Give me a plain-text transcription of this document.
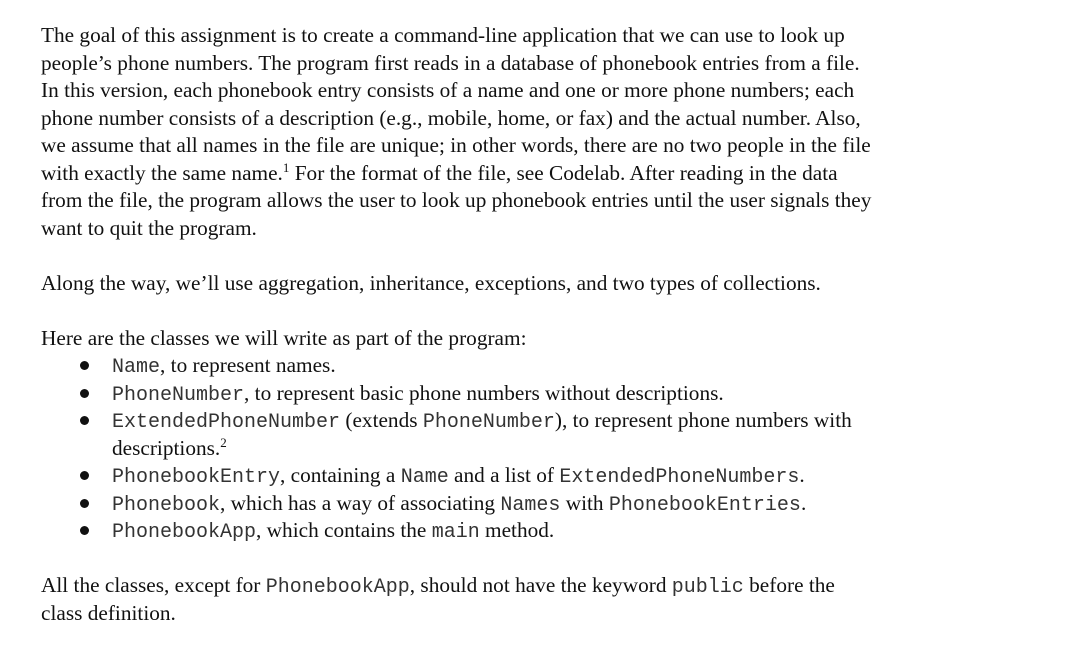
The goal of this assignment is to create a command-line application that we can use to look up
people’s phone numbers. The program first reads in a database of phonebook entries from a file.
In this version, each phonebook entry consists of a name and one or more phone numbers; each
phone number consists of a description (e.g., mobile, home, or fax) and the actual number. Also,
we assume that all names in the file are unique; in other words, there are no two people in the file
with exactly the same name.$^1$ For the format of the file, see Codelab. After reading in the data
from the file, the program allows the user to look up phonebook entries until the user signals they
want to quit the program.
Along the way, we’ll use aggregation, inheritance, exceptions, and two types of collections.
Here are the classes we will write as part of the program:
Name, to represent names.
PhoneNumber, to represent basic phone numbers without descriptions.
ExtendedPhoneNumber (extends PhoneNumber), to represent phone numbers with
descriptions.$^2$
PhonebookEntry, containing a Name and a list of ExtendedPhoneNumbers.
Phonebook, which has a way of associating Names with PhonebookEntries.
PhonebookApp, which contains the main method.
All the classes, except for PhonebookApp, should not have the keyword public before the
class definition.
